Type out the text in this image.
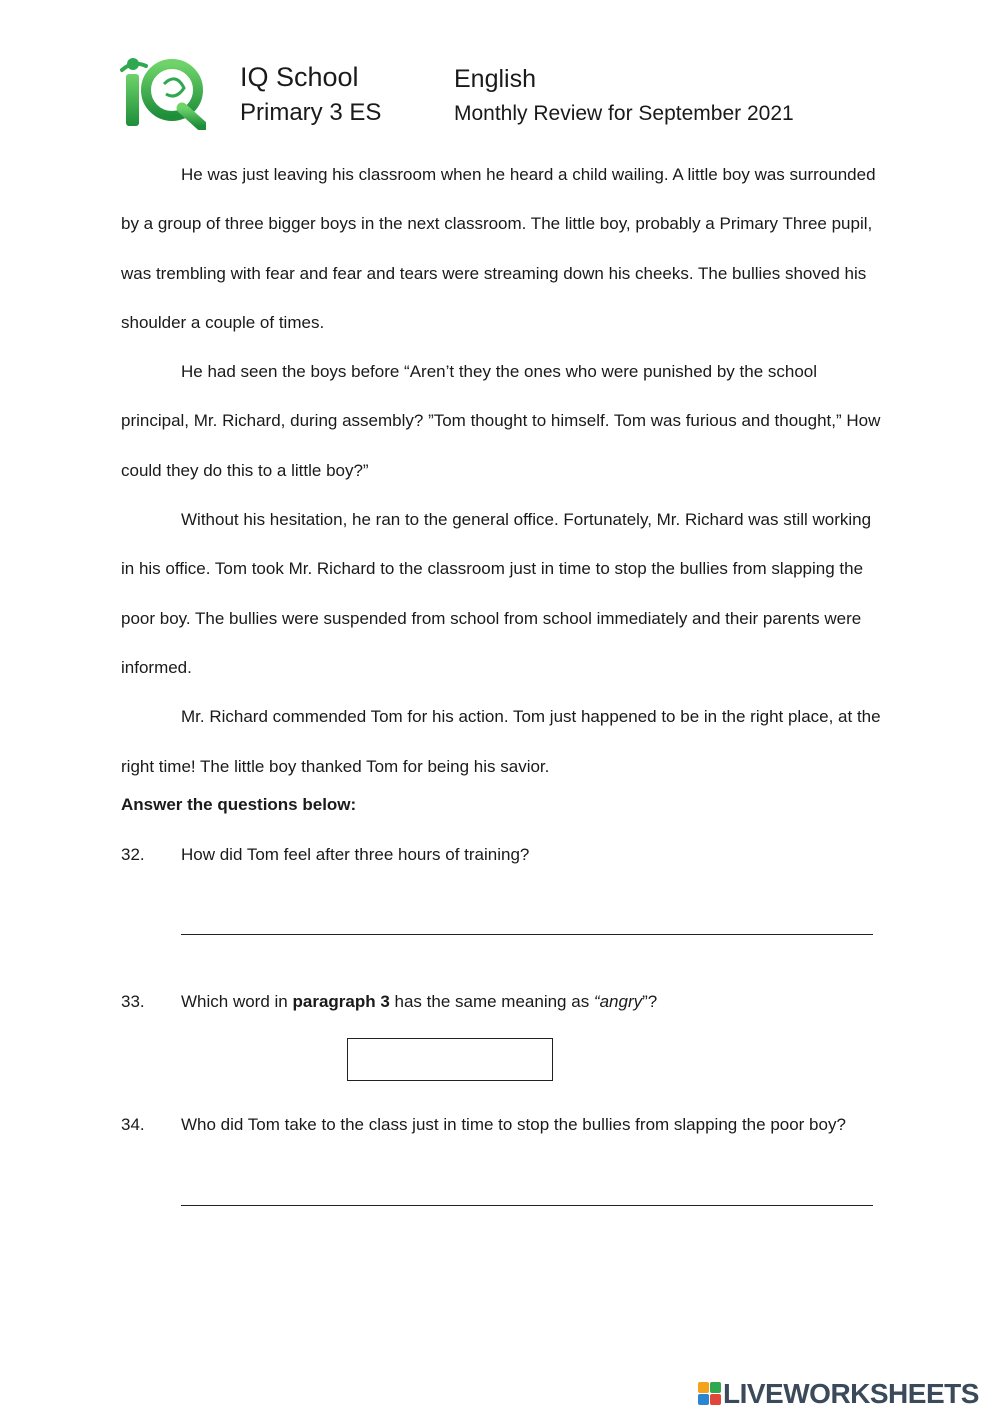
IQ School
Primary 3 ES
English
Monthly Review for September 2021

He was just leaving his classroom when he heard a child wailing. A little boy was surrounded by a group of three bigger boys in the next classroom. The little boy, probably a Primary Three pupil, was trembling with fear and fear and tears were streaming down his cheeks. The bullies shoved his shoulder a couple of times.

He had seen the boys before “Aren’t they the ones who were punished by the school principal, Mr. Richard, during assembly? ”Tom thought to himself. Tom was furious and thought,” How could they do this to a little boy?”

Without his hesitation, he ran to the general office. Fortunately, Mr. Richard was still working in his office. Tom took Mr. Richard to the classroom just in time to stop the bullies from slapping the poor boy. The bullies were suspended from school from school immediately and their parents were informed.

Mr. Richard commended Tom for his action. Tom just happened to be in the right place, at the right time! The little boy thanked Tom for being his savior.

Answer the questions below:
32. How did Tom feel after three hours of training?
33. Which word in paragraph 3 has the same meaning as “angry”?
34. Who did Tom take to the class just in time to stop the bullies from slapping the poor boy?
LIVEWORKSHEETS
